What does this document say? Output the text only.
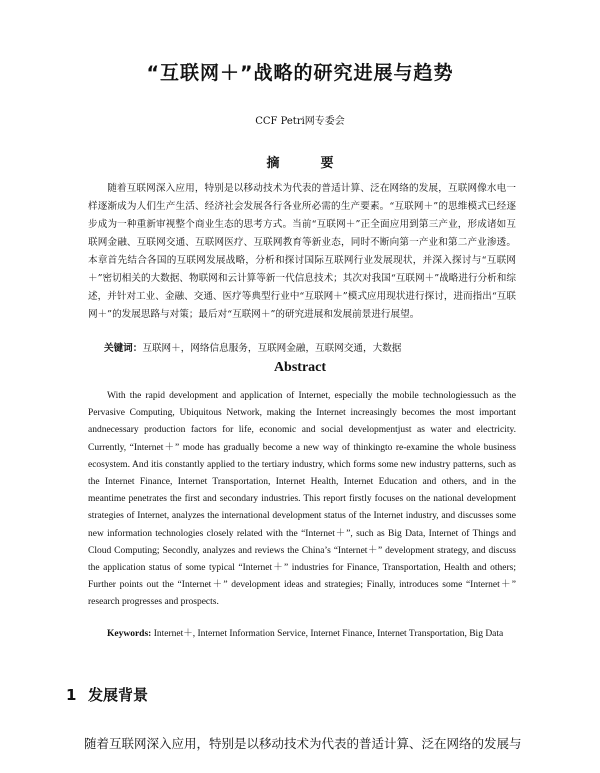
“互联网＋”战略的研究进展与趋势
CCF Petri网专委会
摘　要

随着互联网深入应用，特别是以移动技术为代表的普适计算、泛在网络的发展，互联网像水电一样逐渐成为人们生产生活、经济社会发展各行各业所必需的生产要素。“互联网＋”的思维模式已经逐步成为一种重新审视整个商业生态的思考方式。当前“互联网＋”正全面应用到第三产业，形成诸如互联网金融、互联网交通、互联网医疗、互联网教育等新业态，同时不断向第一产业和第二产业渗透。本章首先结合各国的互联网发展战略，分析和探讨国际互联网行业发展现状，并深入探讨与“互联网＋”密切相关的大数据、物联网和云计算等新一代信息技术；其次对我国“互联网＋”战略进行分析和综述，并针对工业、金融、交通、医疗等典型行业中“互联网＋”模式应用现状进行探讨，进而指出“互联网＋”的发展思路与对策；最后对“互联网＋”的研究进展和发展前景进行展望。

关键词：互联网＋，网络信息服务，互联网金融，互联网交通，大数据

Abstract

With the rapid development and application of Internet, especially the mobile technologiessuch as the Pervasive Computing, Ubiquitous Network, making the Internet increasingly becomes the most important andnecessary production factors for life, economic and social developmentjust as water and electricity. Currently, “Internet＋” mode has gradually become a new way of thinkingto re-examine the whole business ecosystem. And itis constantly applied to the tertiary industry, which forms some new industry patterns, such as the Internet Finance, Internet Transportation, Internet Health, Internet Education and others, and in the meantime penetrates the first and secondary industries. This report firstly focuses on the national development strategies of Internet, analyzes the international development status of the Internet industry, and discusses some new information technologies closely related with the “Internet＋”, such as Big Data, Internet of Things and Cloud Computing; Secondly, analyzes and reviews the China’s “Internet＋” development strategy, and discuss the application status of some typical “Internet＋” industries for Finance, Transportation, Health and others; Further points out the “Internet＋” development ideas and strategies; Finally, introduces some “Internet＋” research progresses and prospects.

Keywords: Internet＋, Internet Information Service, Internet Finance, Internet Transportation, Big Data

1 发展背景

随着互联网深入应用，特别是以移动技术为代表的普适计算、泛在网络的发展与
